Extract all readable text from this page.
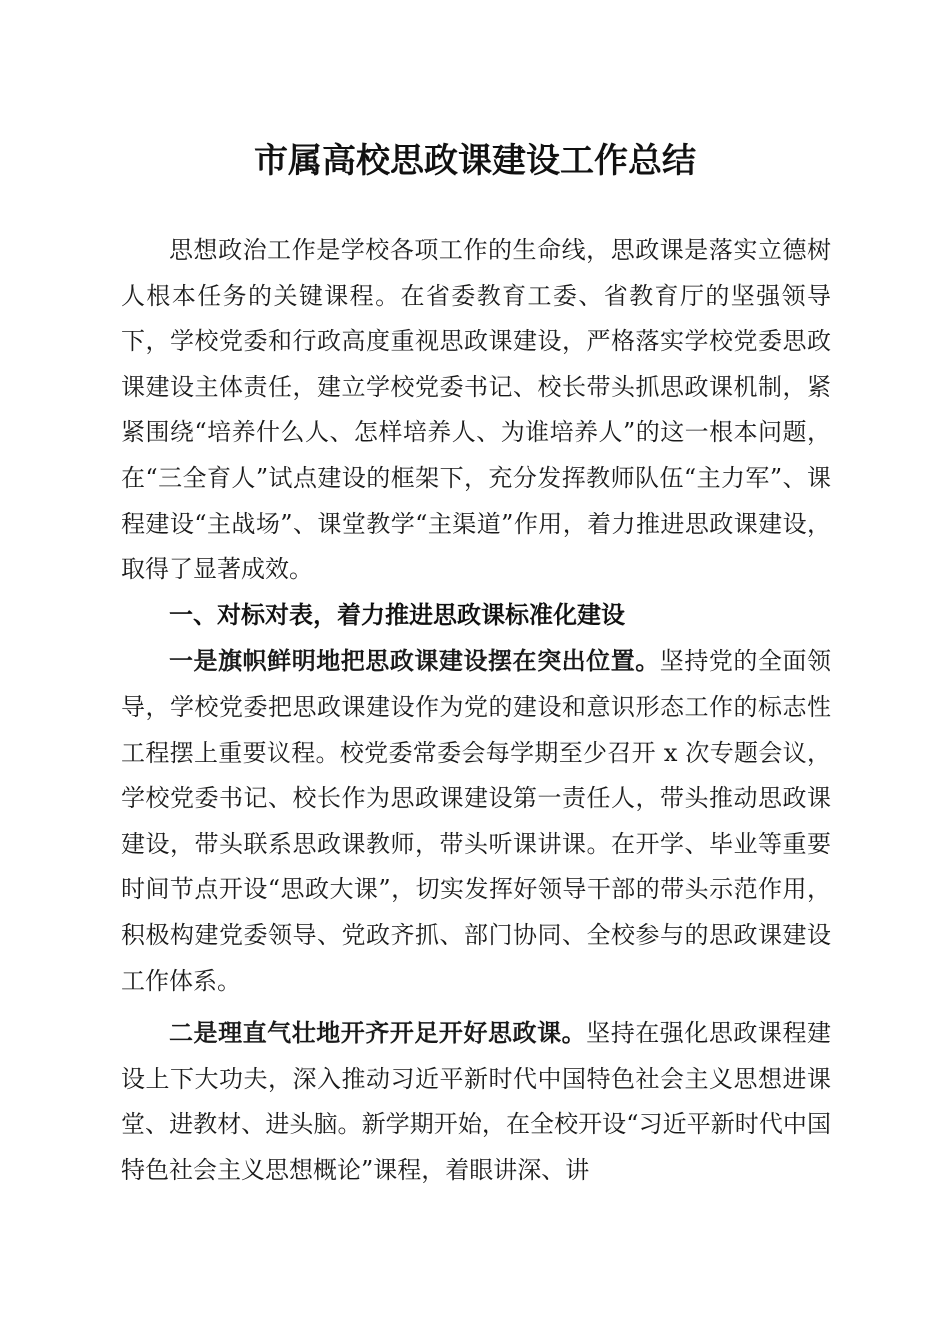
市属高校思政课建设工作总结

思想政治工作是学校各项工作的生命线，思政课是落实立德树人根本任务的关键课程。在省委教育工委、省教育厅的坚强领导下，学校党委和行政高度重视思政课建设，严格落实学校党委思政课建设主体责任，建立学校党委书记、校长带头抓思政课机制，紧紧围绕“培养什么人、怎样培养人、为谁培养人”的这一根本问题，在“三全育人”试点建设的框架下，充分发挥教师队伍“主力军”、课程建设“主战场”、课堂教学“主渠道”作用，着力推进思政课建设，取得了显著成效。

一、对标对表，着力推进思政课标准化建设

一是旗帜鲜明地把思政课建设摆在突出位置。坚持党的全面领导，学校党委把思政课建设作为党的建设和意识形态工作的标志性工程摆上重要议程。校党委常委会每学期至少召开 x 次专题会议，学校党委书记、校长作为思政课建设第一责任人，带头推动思政课建设，带头联系思政课教师，带头听课讲课。在开学、毕业等重要时间节点开设“思政大课”，切实发挥好领导干部的带头示范作用，积极构建党委领导、党政齐抓、部门协同、全校参与的思政课建设工作体系。

二是理直气壮地开齐开足开好思政课。坚持在强化思政课程建设上下大功夫，深入推动习近平新时代中国特色社会主义思想进课堂、进教材、进头脑。新学期开始，在全校开设“习近平新时代中国特色社会主义思想概论”课程，着眼讲深、讲
